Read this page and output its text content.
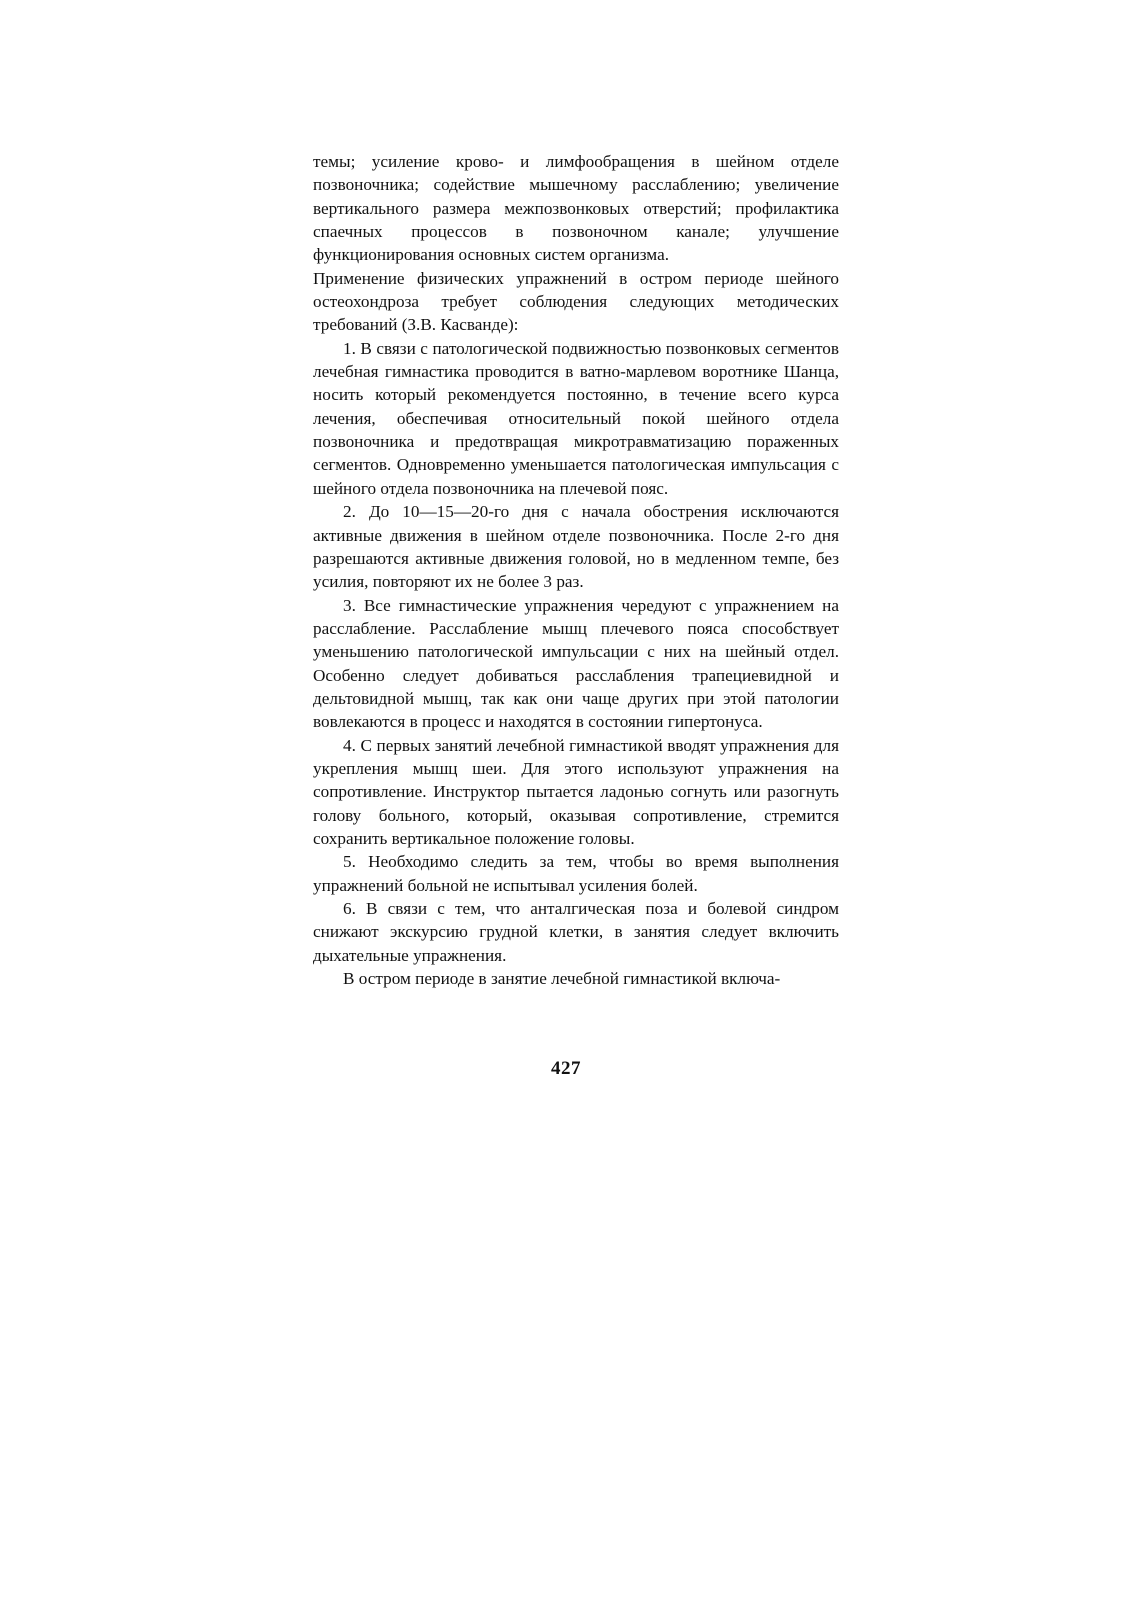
темы; усиление крово- и лимфообращения в шейном отделе позвоночника; содействие мышечному расслаблению; увеличение вертикального размера межпозвонковых отверстий; профилактика спаечных процессов в позвоночном канале; улучшение функционирования основных систем организма.

Применение физических упражнений в остром периоде шейного остеохондроза требует соблюдения следующих методических требований (З.В. Касванде):

1. В связи с патологической подвижностью позвонковых сегментов лечебная гимнастика проводится в ватно-марлевом воротнике Шанца, носить который рекомендуется постоянно, в течение всего курса лечения, обеспечивая относительный покой шейного отдела позвоночника и предотвращая микротравматизацию пораженных сегментов. Одновременно уменьшается патологическая импульсация с шейного отдела позвоночника на плечевой пояс.

2. До 10—15—20-го дня с начала обострения исключаются активные движения в шейном отделе позвоночника. После 2-го дня разрешаются активные движения головой, но в медленном темпе, без усилия, повторяют их не более 3 раз.

3. Все гимнастические упражнения чередуют с упражнением на расслабление. Расслабление мышц плечевого пояса способствует уменьшению патологической импульсации с них на шейный отдел. Особенно следует добиваться расслабления трапециевидной и дельтовидной мышц, так как они чаще других при этой патологии вовлекаются в процесс и находятся в состоянии гипертонуса.

4. С первых занятий лечебной гимнастикой вводят упражнения для укрепления мышц шеи. Для этого используют упражнения на сопротивление. Инструктор пытается ладонью согнуть или разогнуть голову больного, который, оказывая сопротивление, стремится сохранить вертикальное положение головы.

5. Необходимо следить за тем, чтобы во время выполнения упражнений больной не испытывал усиления болей.

6. В связи с тем, что анталгическая поза и болевой синдром снижают экскурсию грудной клетки, в занятия следует включить дыхательные упражнения.

В остром периоде в занятие лечебной гимнастикой включа-

427
